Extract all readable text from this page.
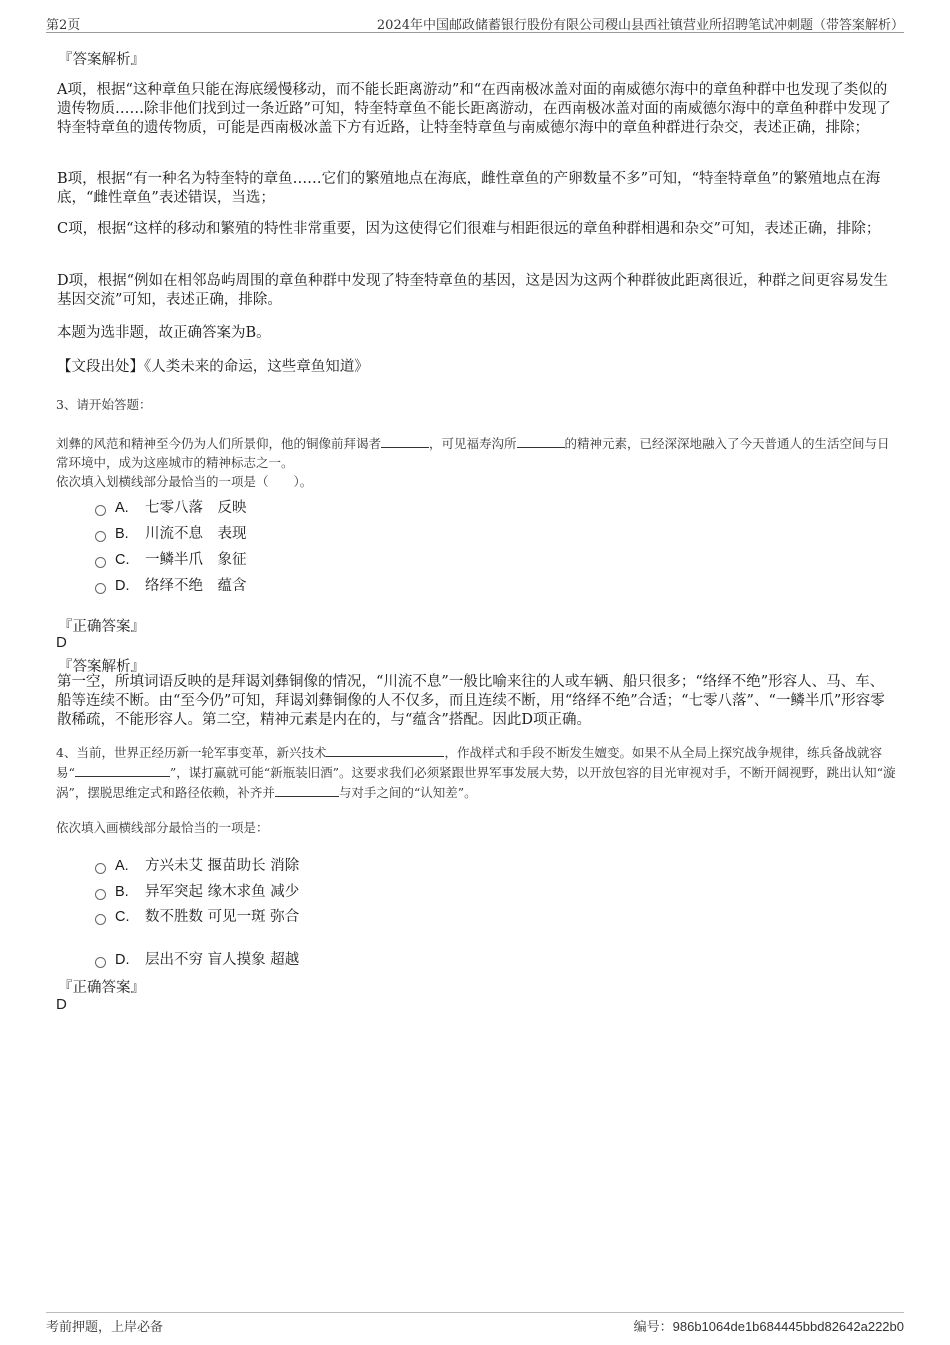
第2页	2024年中国邮政储蓄银行股份有限公司稷山县西社镇营业所招聘笔试冲刺题（带答案解析）
『答案解析』
A项，根据“这种章鱼只能在海底缓慢移动，而不能长距离游动”和“在西南极冰盖对面的南威德尔海中的章鱼种群中也发现了类似的遗传物质……除非他们找到过一条近路”可知，特奎特章鱼不能长距离游动，在西南极冰盖对面的南威德尔海中的章鱼种群中发现了特奎特章鱼的遗传物质，可能是西南极冰盖下方有近路，让特奎特章鱼与南威德尔海中的章鱼种群进行杂交，表述正确，排除；
B项，根据“有一种名为特奎特的章鱼……它们的繁殖地点在海底，雌性章鱼的产卵数量不多”可知，“特奎特章鱼”的繁殖地点在海底，“雌性章鱼”表述错误，当选；
C项，根据“这样的移动和繁殖的特性非常重要，因为这使得它们很难与相距很远的章鱼种群相遇和杂交”可知，表述正确，排除；
D项，根据“例如在相邻岛屿周围的章鱼种群中发现了特奎特章鱼的基因，这是因为这两个种群彼此距离很近，种群之间更容易发生基因交流”可知，表述正确，排除。
本题为选非题，故正确答案为B。
【文段出处】《人类未来的命运，这些章鱼知道》
3、请开始答题：
刘彝的风范和精神至今仍为人们所景仰，他的铜像前拜谒者	，可见福寿沟所	的精神元素，已经深深地融入了今天普通人的生活空间与日常环境中，成为这座城市的精神标志之一。
依次填入划横线部分最恰当的一项是（　　）。
A. 七零八落　反映
B. 川流不息　表现
C. 一鳞半爪　象征
D. 络绎不绝　蕴含
『正确答案』
D
『答案解析』
第一空，所填词语反映的是拜谒刘彝铜像的情况，“川流不息”一般比喻来往的人或车辆、船只很多；“络绎不绝”形容人、马、车、船等连续不断。由“至今仍”可知，拜谒刘彝铜像的人不仅多，而且连续不断，用“络绎不绝”合适；“七零八落”、“一鳞半爪”形容零散稀疏，不能形容人。第二空，精神元素是内在的，与“蕴含”搭配。因此D项正确。
4、当前，世界正经历新一轮军事变革，新兴技术	，作战样式和手段不断发生嬗变。如果不从全局上探究战争规律，练兵备战就容易“	”，谋打赢就可能“新瓶装旧酒”。这要求我们必须紧跟世界军事发展大势，以开放包容的目光审视对手，不断开阔视野，跳出认知“漩涡”，摆脱思维定式和路径依赖，补齐并	与对手之间的“认知差”。
依次填入画横线部分最恰当的一项是：
A. 方兴未艾 揠苗助长 消除
B. 异军突起 缘木求鱼 减少
C. 数不胜数 可见一斑 弥合
D. 层出不穷 盲人摸象 超越
『正确答案』
D
考前押题，上岸必备	编号：986b1064de1b684445bbd82642a222b0
